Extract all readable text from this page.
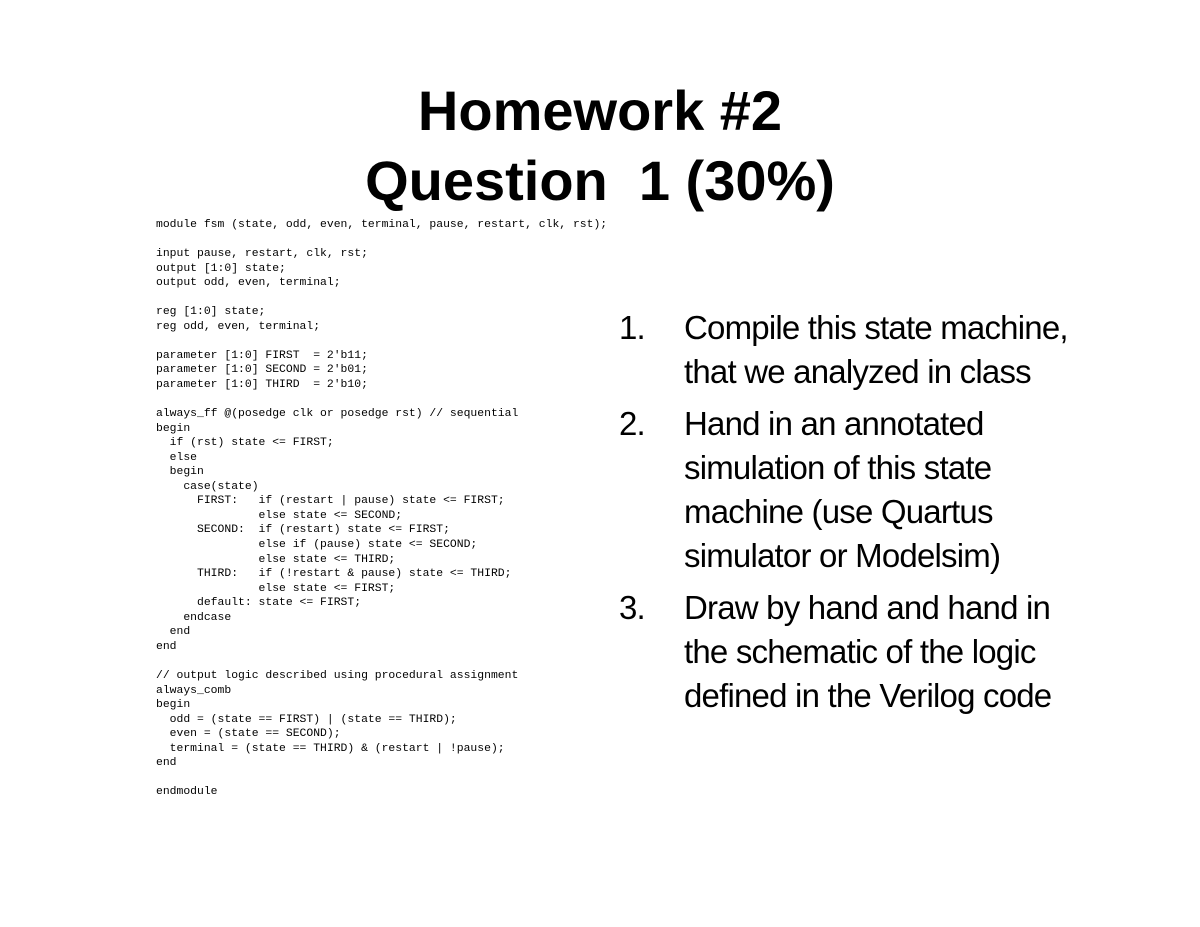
Homework #2
Question  1 (30%)
module fsm (state, odd, even, terminal, pause, restart, clk, rst);
input pause, restart, clk, rst;
output [1:0] state;
output odd, even, terminal;
reg [1:0] state;
reg odd, even, terminal;
parameter [1:0] FIRST  = 2'b11;
parameter [1:0] SECOND = 2'b01;
parameter [1:0] THIRD  = 2'b10;
always_ff @(posedge clk or posedge rst) // sequential
begin
if (rst) state <= FIRST;
else
begin
case(state)
FIRST:   if (restart | pause) state <= FIRST;
else state <= SECOND;
SECOND:  if (restart) state <= FIRST;
else if (pause) state <= SECOND;
else state <= THIRD;
THIRD:   if (!restart & pause) state <= THIRD;
else state <= FIRST;
default: state <= FIRST;
endcase
end
end
// output logic described using procedural assignment
always_comb
begin
odd = (state == FIRST) | (state == THIRD);
even = (state == SECOND);
terminal = (state == THIRD) & (restart | !pause);
end
endmodule
1. Compile this state machine,
that we analyzed in class
2. Hand in an annotated
simulation of this state
machine (use Quartus
simulator or Modelsim)
3. Draw by hand and hand in
the schematic of the logic
defined in the Verilog code
